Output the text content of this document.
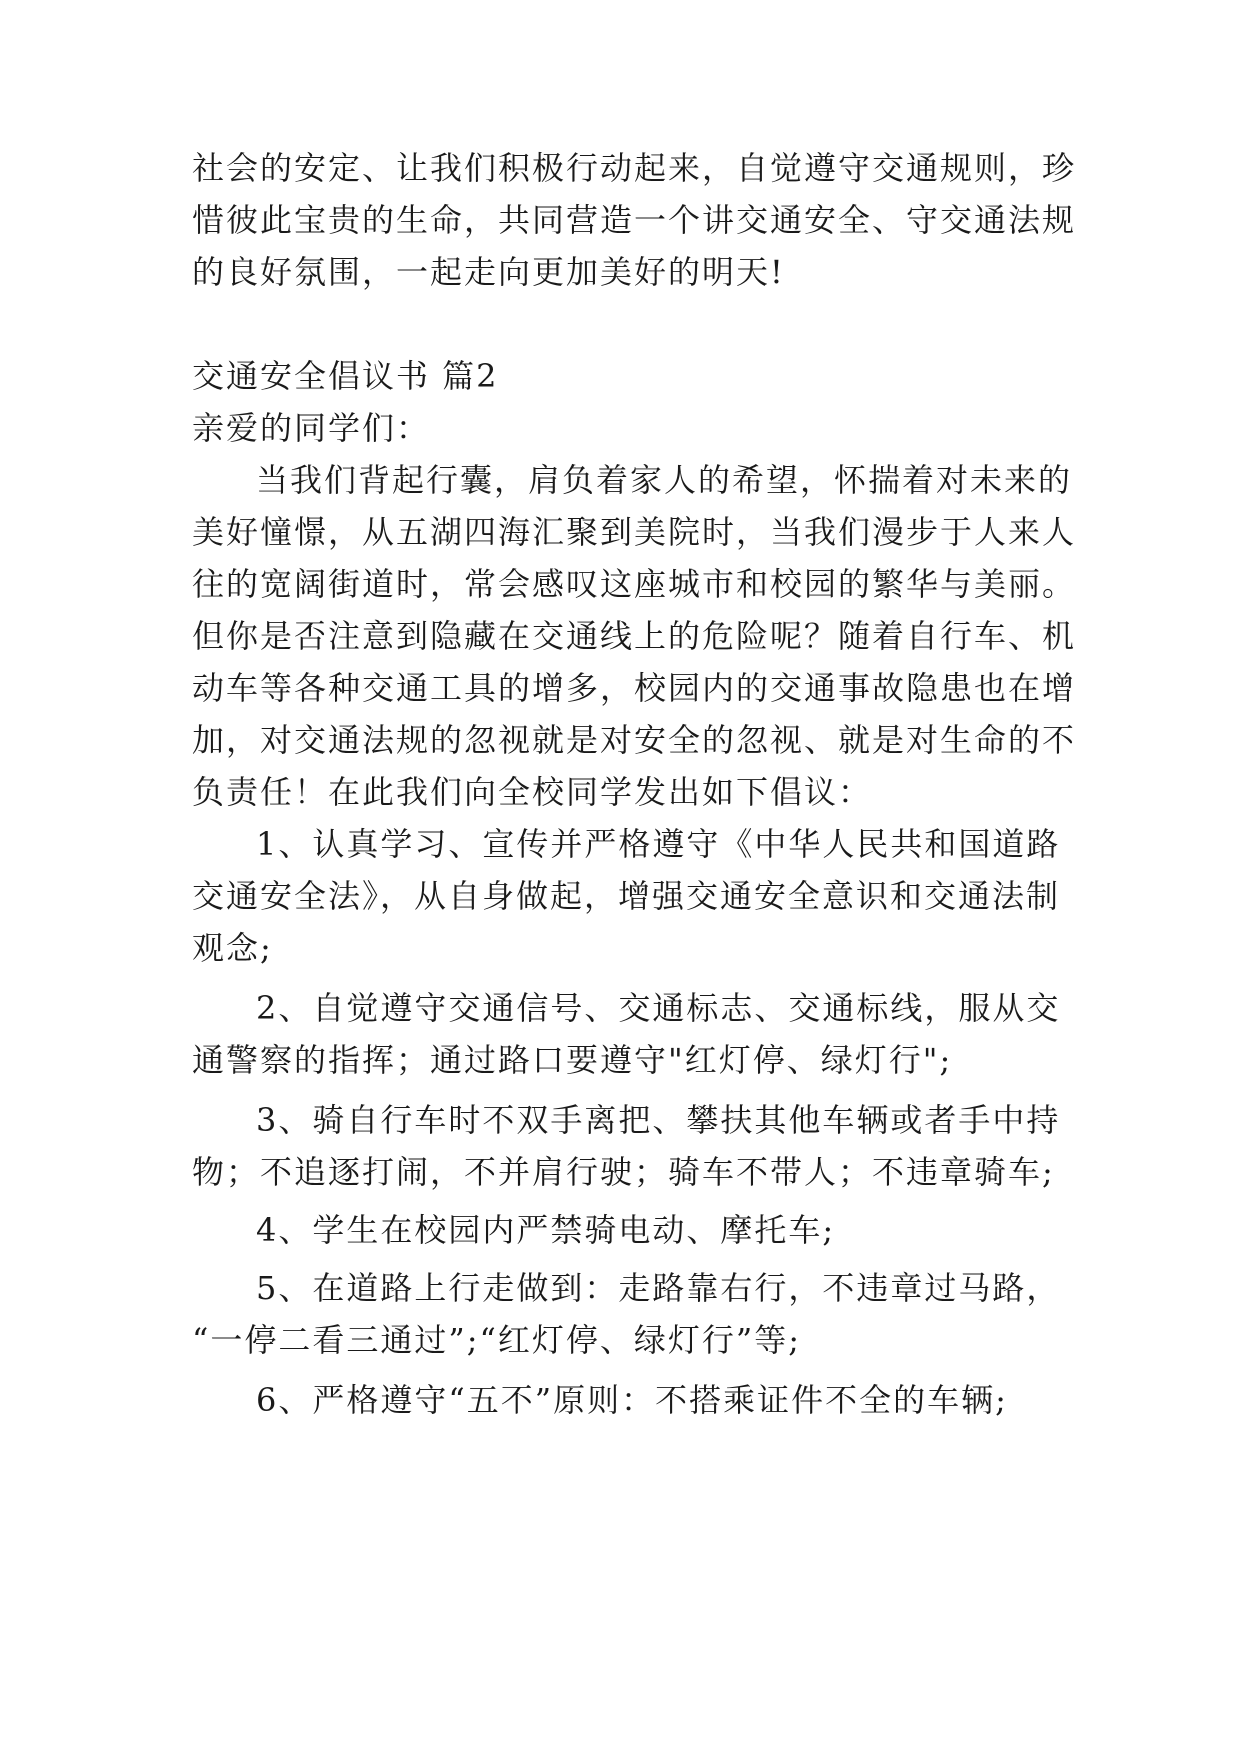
社会的安定、让我们积极行动起来，自觉遵守交通规则，珍
惜彼此宝贵的生命，共同营造一个讲交通安全、守交通法规
的良好氛围，一起走向更加美好的明天!
交通安全倡议书 篇2
亲爱的同学们：
当我们背起行囊，肩负着家人的希望，怀揣着对未来的
美好憧憬，从五湖四海汇聚到美院时，当我们漫步于人来人
往的宽阔街道时，常会感叹这座城市和校园的繁华与美丽。
但你是否注意到隐藏在交通线上的危险呢？随着自行车、机
动车等各种交通工具的增多，校园内的交通事故隐患也在增
加，对交通法规的忽视就是对安全的忽视、就是对生命的不
负责任！在此我们向全校同学发出如下倡议：
1、认真学习、宣传并严格遵守《中华人民共和国道路
交通安全法》，从自身做起，增强交通安全意识和交通法制
观念;
2、自觉遵守交通信号、交通标志、交通标线，服从交
通警察的指挥；通过路口要遵守"红灯停、绿灯行";
3、骑自行车时不双手离把、攀扶其他车辆或者手中持
物；不追逐打闹，不并肩行驶；骑车不带人；不违章骑车;
4、学生在校园内严禁骑电动、摩托车;
5、在道路上行走做到：走路靠右行，不违章过马路，
“一停二看三通过”;“红灯停、绿灯行”等;
6、严格遵守“五不”原则：不搭乘证件不全的车辆;
